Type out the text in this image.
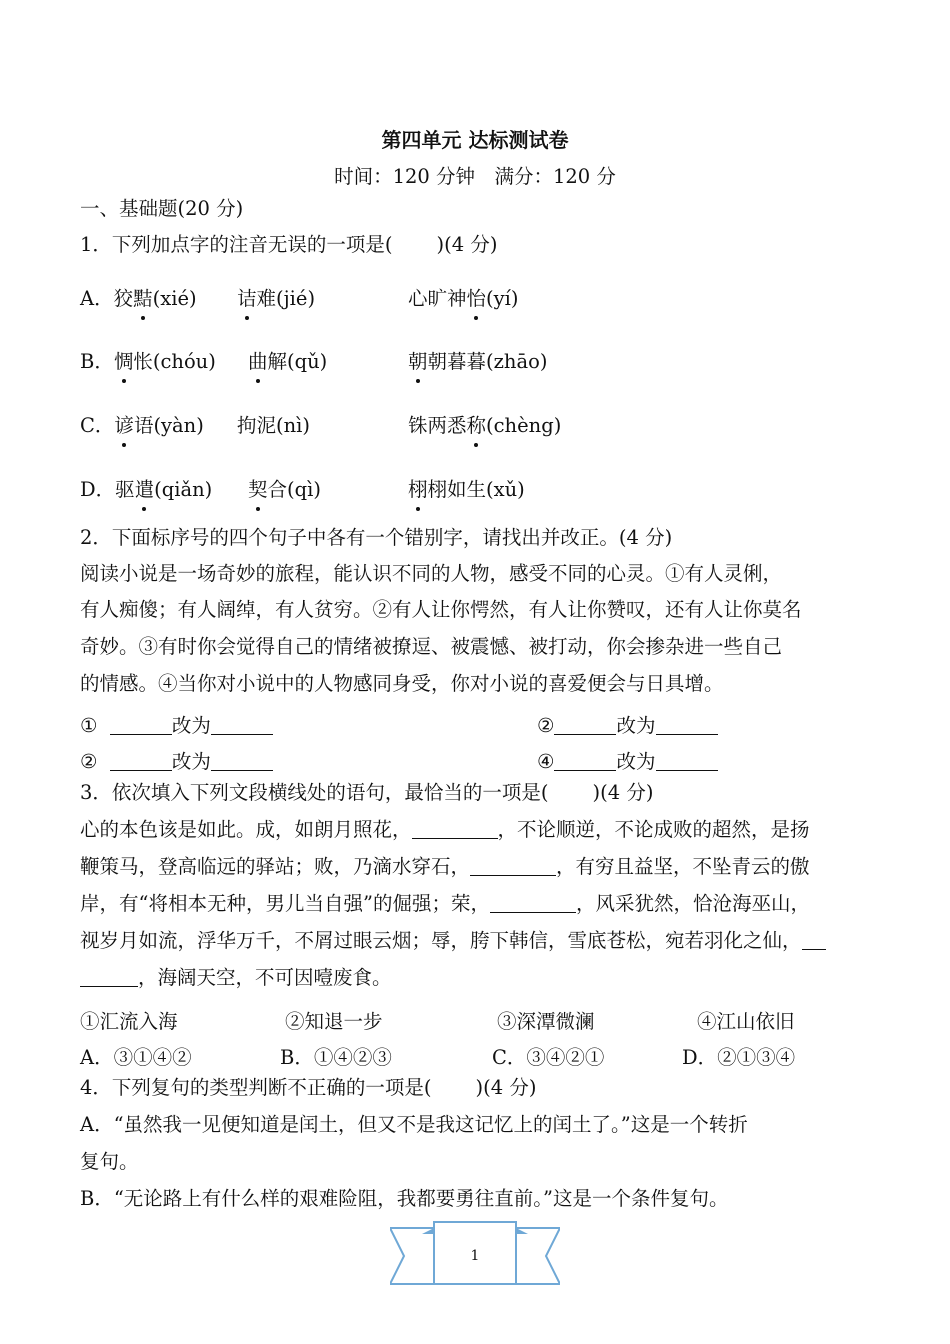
第四单元 达标测试卷
时间：120 分钟　满分：120 分
一、基础题(20 分)
1．下列加点字的注音无误的一项是( )(4 分)
A．狡黠(xié) 诘难(jié)	心旷神怡(yí)
B．惆怅(chóu) 曲解(qǔ)	朝朝暮暮(zhāo)
C．谚语(yàn) 拘泥(nì)	铢两悉称(chèng)
D．驱遣(qiǎn) 契合(qì)	栩栩如生(xǔ)
2．下面标序号的四个句子中各有一个错别字，请找出并改正。(4 分)
阅读小说是一场奇妙的旅程，能认识不同的人物，感受不同的心灵。①有人灵俐，
有人痴傻；有人阔绰，有人贫穷。②有人让你愕然，有人让你赞叹，还有人让你莫名
奇妙。③有时你会觉得自己的情绪被撩逗、被震憾、被打动，你会掺杂进一些自己
的情感。④当你对小说中的人物感同身受，你对小说的喜爱便会与日具增。
①	改为	②	改为
②	改为	④	改为
3．依次填入下列文段横线处的语句，最恰当的一项是( )(4 分)
心的本色该是如此。成，如朗月照花，	，不论顺逆，不论成败的超然，是扬
鞭策马，登高临远的驿站；败，乃滴水穿石，	，有穷且益坚，不坠青云的傲
岸，有“将相本无种，男儿当自强”的倔强；荣，	，风采犹然，恰沧海巫山，
视岁月如流，浮华万千，不屑过眼云烟；辱，胯下韩信，雪底苍松，宛若羽化之仙，
，海阔天空，不可因噎废食。
①汇流入海	②知退一步	③深潭微澜	④江山依旧
A．③①④②	B．①④②③	C．③④②①	D．②①③④
4．下列复句的类型判断不正确的一项是( )(4 分)
A．“虽然我一见便知道是闰土，但又不是我这记忆上的闰土了。”这是一个转折
复句。
B．“无论路上有什么样的艰难险阻，我都要勇往直前。”这是一个条件复句。
1
